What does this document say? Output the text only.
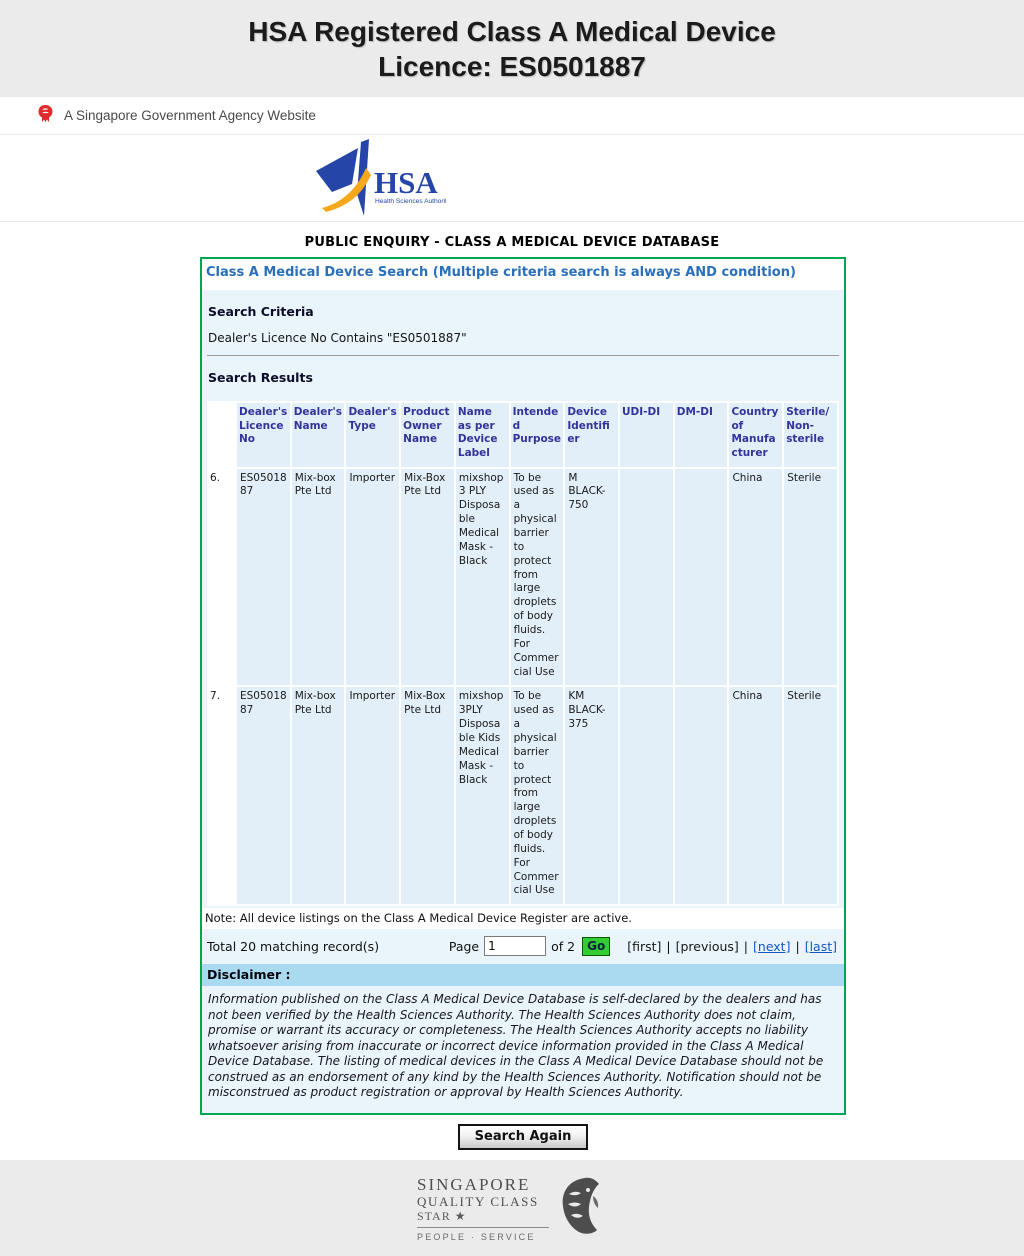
HSA Registered Class A Medical Device
Licence: ES0501887
A Singapore Government Agency Website
HSA
Health Sciences Authority
PUBLIC ENQUIRY - CLASS A MEDICAL DEVICE DATABASE
Class A Medical Device Search (Multiple criteria search is always AND condition)
Search Criteria
Dealer's Licence No Contains "ES0501887"
Search Results
	Dealer's Licence No	Dealer's Name	Dealer's Type	Product Owner Name	Name as per Device Label	Intended Purpose	Device Identifier	UDI-DI	DM-DI	Country of Manufacturer	Sterile/Non-sterile
6.	ES0501887	Mix-box Pte Ltd	Importer	Mix-Box Pte Ltd	mixshop 3 PLY Disposable Medical Mask - Black	To be used as a physical barrier to protect from large droplets of body fluids. For Commercial Use	M BLACK-750			China	Sterile
7.	ES0501887	Mix-box Pte Ltd	Importer	Mix-Box Pte Ltd	mixshop 3PLY Disposable Kids Medical Mask - Black	To be used as a physical barrier to protect from large droplets of body fluids. For Commercial Use	KM BLACK-375			China	Sterile
Note: All device listings on the Class A Medical Device Register are active.
Total 20 matching record(s)	Page
1	of 2	Go	[first] | [previous] | [next] | [last]
Disclaimer :
Information published on the Class A Medical Device Database is self-declared by the dealers and has not been verified by the Health Sciences Authority. The Health Sciences Authority does not claim, promise or warrant its accuracy or completeness. The Health Sciences Authority accepts no liability whatsoever arising from inaccurate or incorrect device information provided in the Class A Medical Device Database. The listing of medical devices in the Class A Medical Device Database should not be construed as an endorsement of any kind by the Health Sciences Authority. Notification should not be misconstrued as product registration or approval by Health Sciences Authority.
Search Again
SINGAPORE
QUALITY CLASS
STAR ★
PEOPLE · SERVICE
